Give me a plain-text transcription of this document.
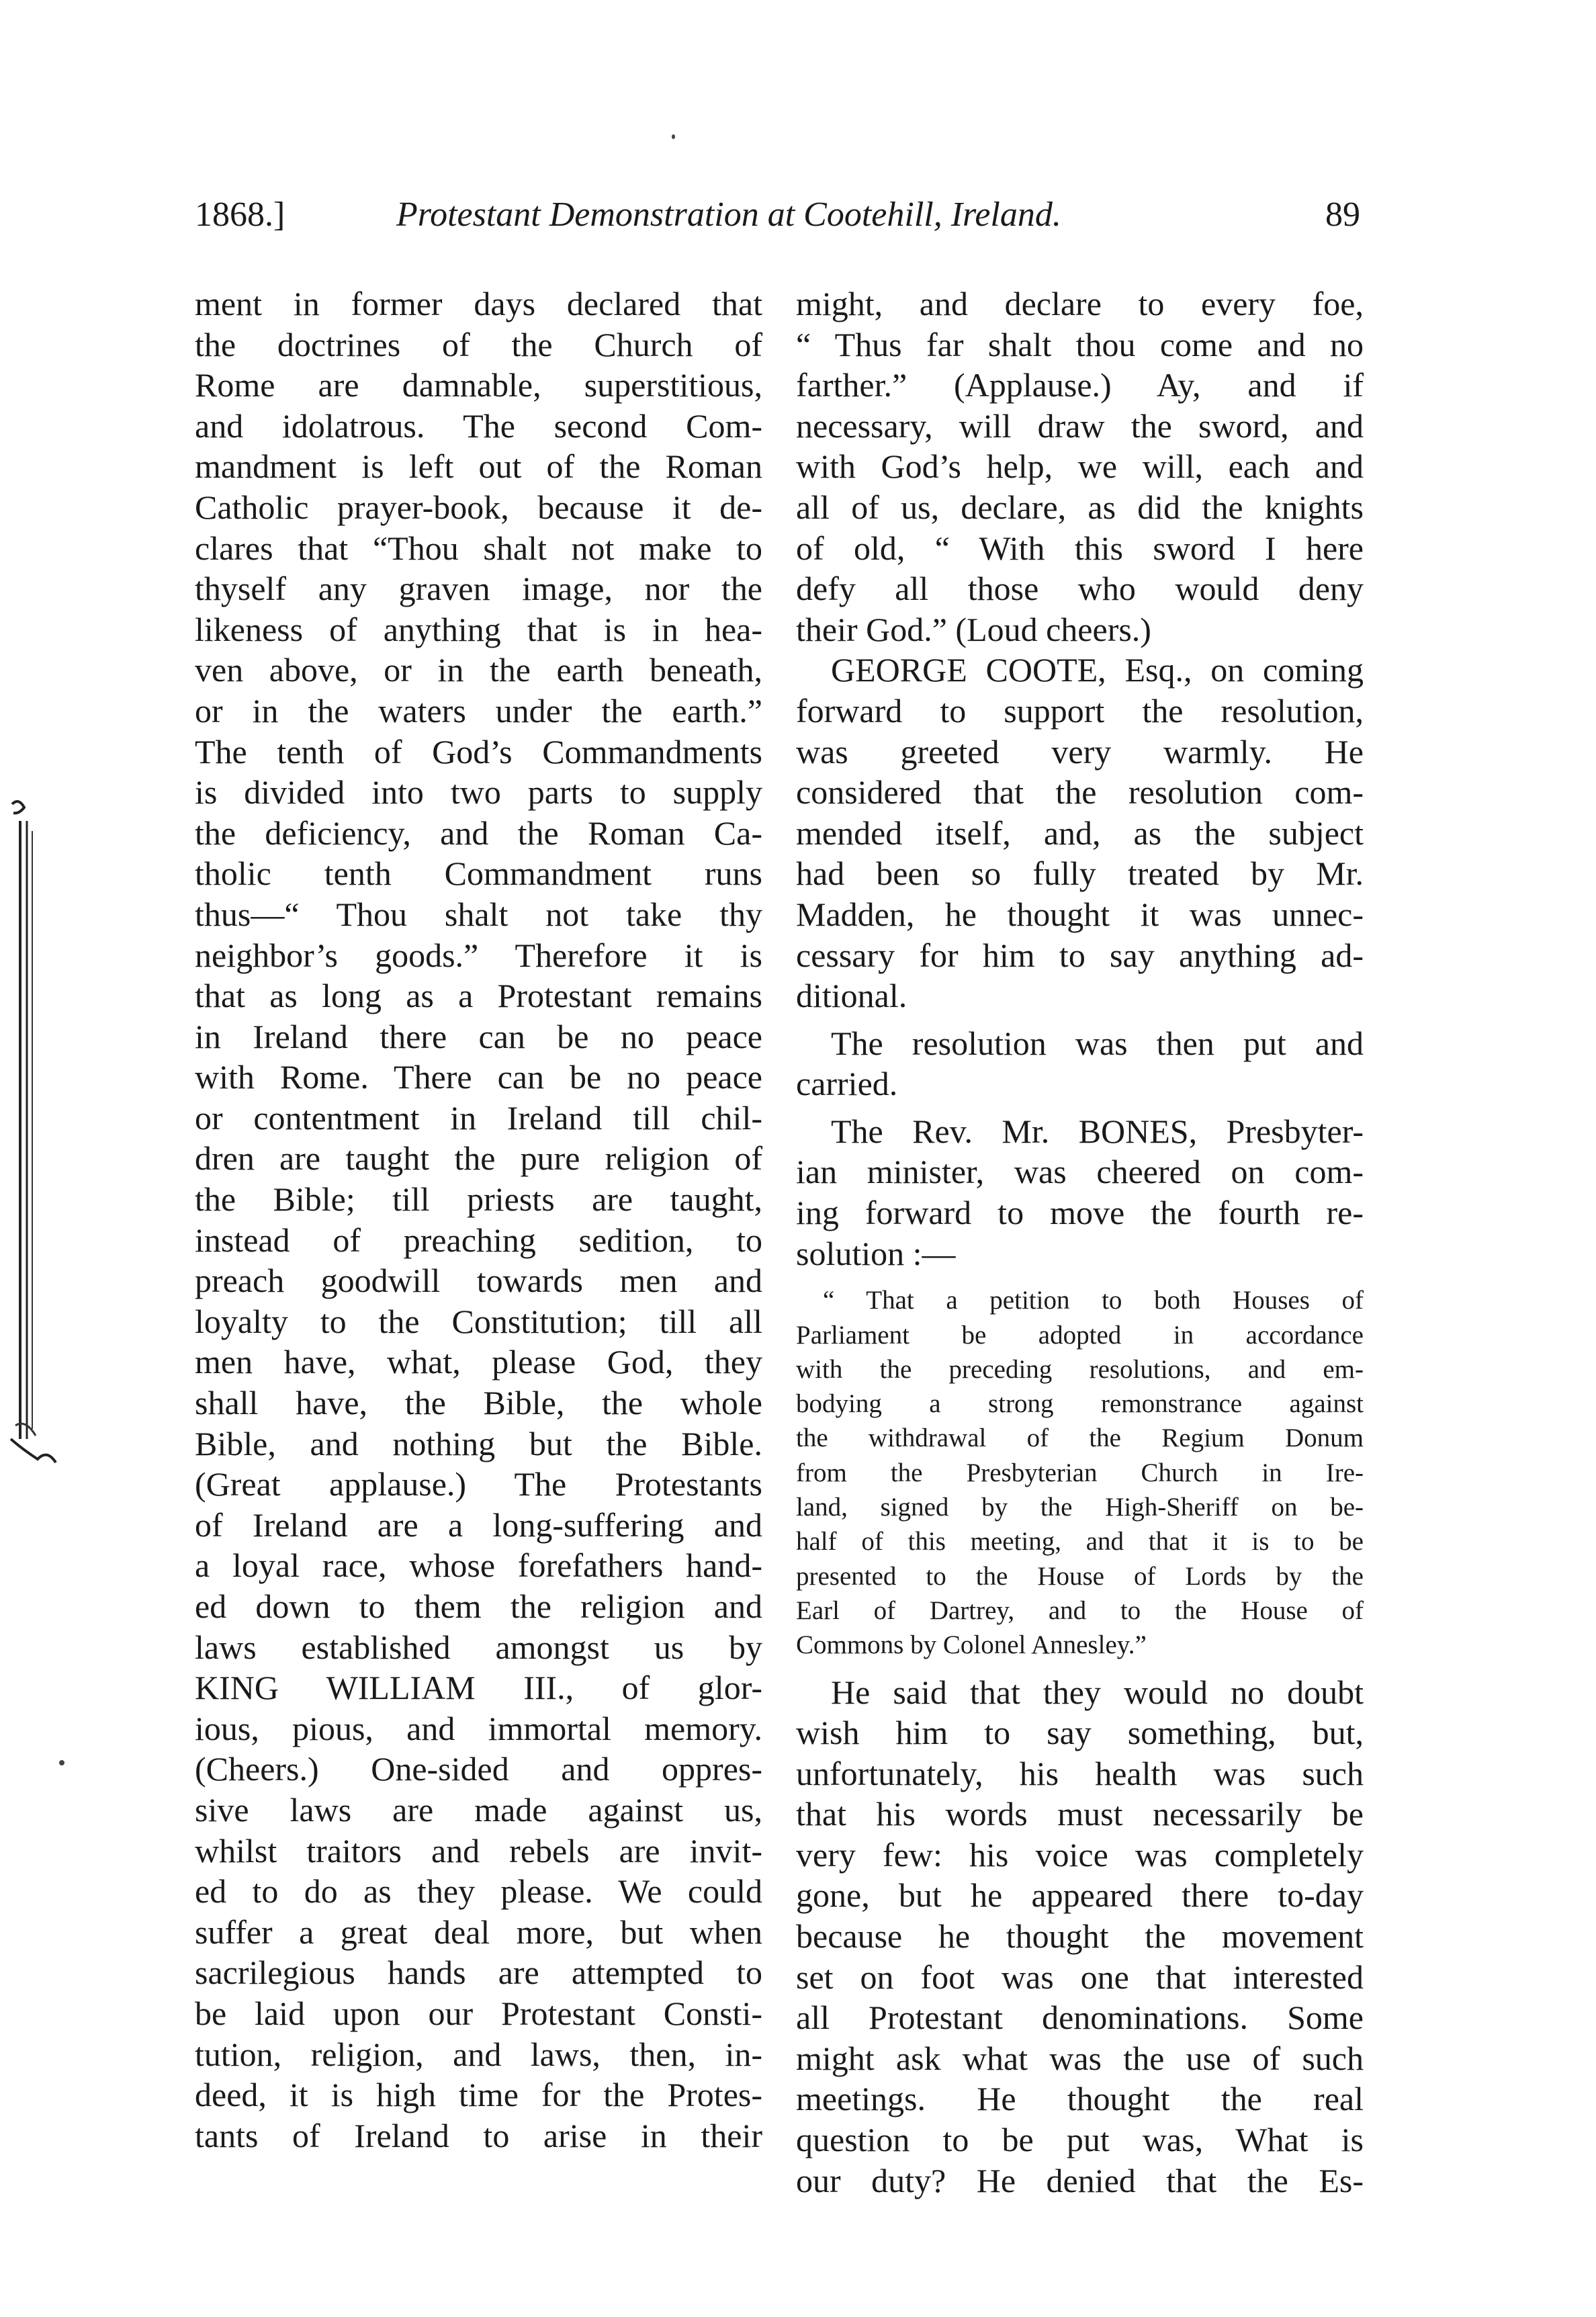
1868.]	Protestant Demonstration at Cootehill, Ireland.	89
ment in former days declared that
the doctrines of the Church of
Rome are damnable, superstitious,
and idolatrous. The second Com-
mandment is left out of the Roman
Catholic prayer-book, because it de-
clares that “Thou shalt not make to
thyself any graven image, nor the
likeness of anything that is in hea-
ven above, or in the earth beneath,
or in the waters under the earth.”
The tenth of God’s Commandments
is divided into two parts to supply
the deficiency, and the Roman Ca-
tholic tenth Commandment runs
thus—“ Thou shalt not take thy
neighbor’s goods.” Therefore it is
that as long as a Protestant remains
in Ireland there can be no peace
with Rome. There can be no peace
or contentment in Ireland till chil-
dren are taught the pure religion of
the Bible; till priests are taught,
instead of preaching sedition, to
preach goodwill towards men and
loyalty to the Constitution; till all
men have, what, please God, they
shall have, the Bible, the whole
Bible, and nothing but the Bible.
(Great applause.) The Protestants
of Ireland are a long-suffering and
a loyal race, whose forefathers hand-
ed down to them the religion and
laws established amongst us by
KING WILLIAM III., of glor-
ious, pious, and immortal memory.
(Cheers.) One-sided and oppres-
sive laws are made against us,
whilst traitors and rebels are invit-
ed to do as they please. We could
suffer a great deal more, but when
sacrilegious hands are attempted to
be laid upon our Protestant Consti-
tution, religion, and laws, then, in-
deed, it is high time for the Protes-
tants of Ireland to arise in their
might, and declare to every foe,
“ Thus far shalt thou come and no
farther.” (Applause.) Ay, and if
necessary, will draw the sword, and
with God’s help, we will, each and
all of us, declare, as did the knights
of old, “ With this sword I here
defy all those who would deny
their God.” (Loud cheers.)
GEORGE COOTE, Esq., on coming
forward to support the resolution,
was greeted very warmly. He
considered that the resolution com-
mended itself, and, as the subject
had been so fully treated by Mr.
Madden, he thought it was unnec-
cessary for him to say anything ad-
ditional.
The resolution was then put and
carried.
The Rev. Mr. BONES, Presbyter-
ian minister, was cheered on com-
ing forward to move the fourth re-
solution :—
“ That a petition to both Houses of
Parliament be adopted in accordance
with the preceding resolutions, and em-
bodying a strong remonstrance against
the withdrawal of the Regium Donum
from the Presbyterian Church in Ire-
land, signed by the High-Sheriff on be-
half of this meeting, and that it is to be
presented to the House of Lords by the
Earl of Dartrey, and to the House of
Commons by Colonel Annesley.”
He said that they would no doubt
wish him to say something, but,
unfortunately, his health was such
that his words must necessarily be
very few: his voice was completely
gone, but he appeared there to-day
because he thought the movement
set on foot was one that interested
all Protestant denominations. Some
might ask what was the use of such
meetings. He thought the real
question to be put was, What is
our duty? He denied that the Es-
